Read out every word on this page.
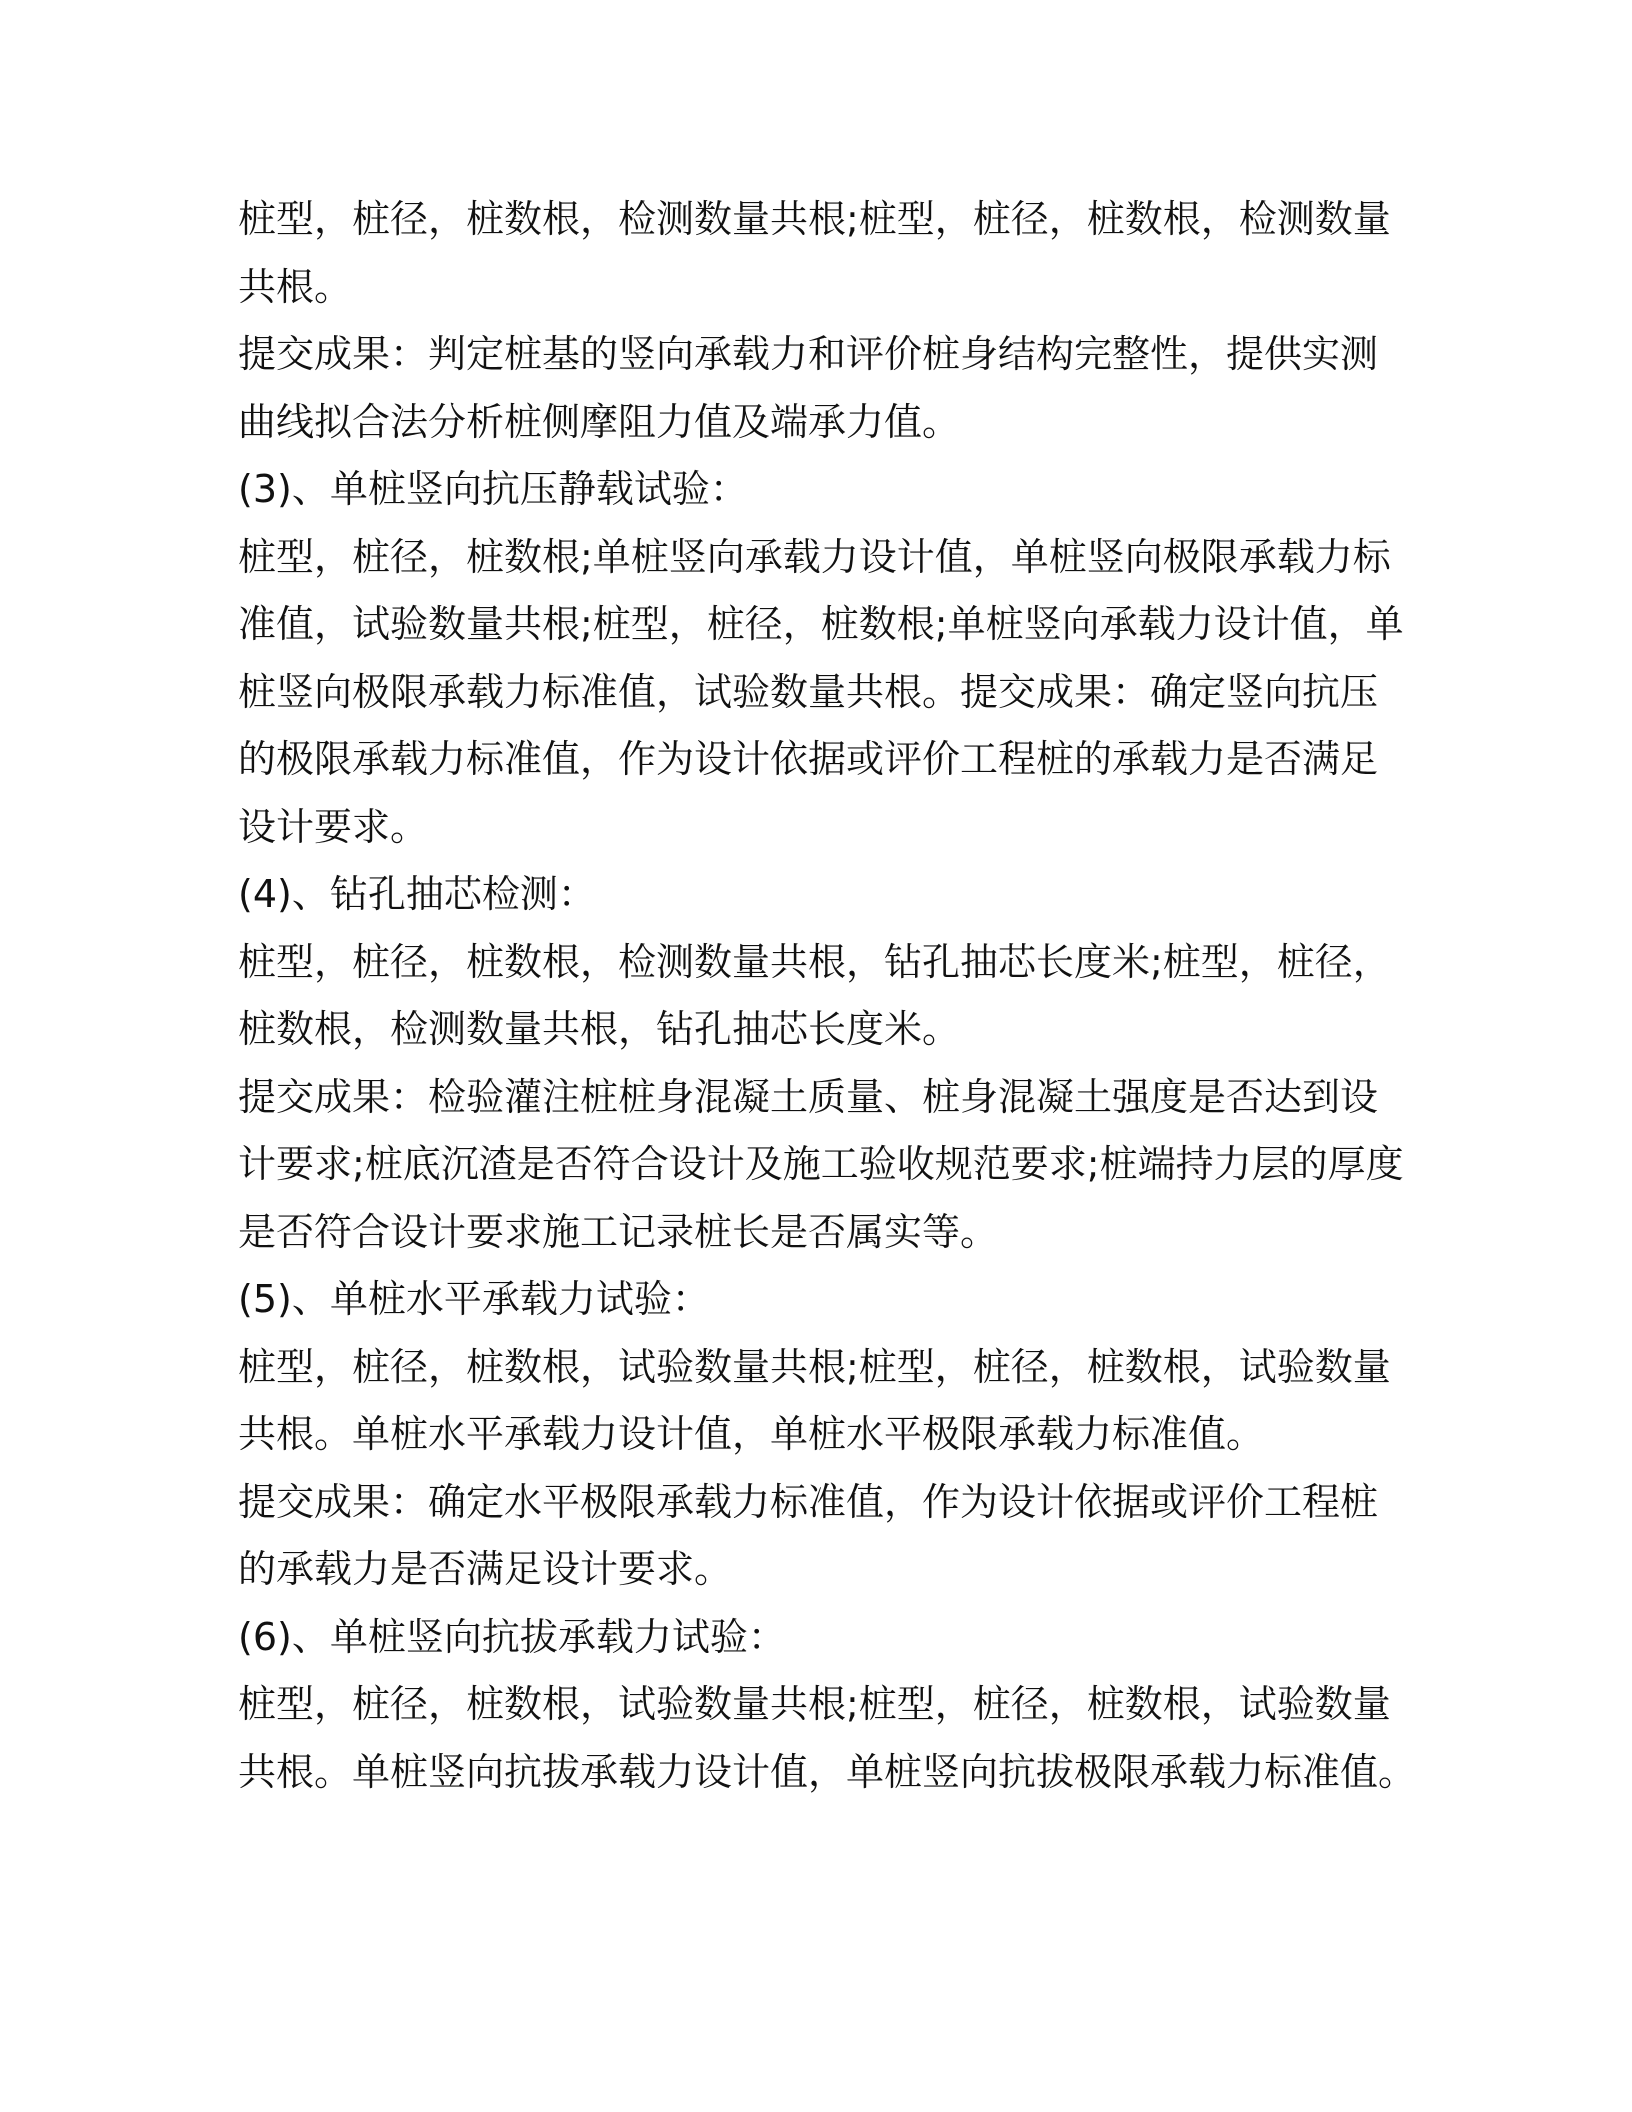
桩型，桩径，桩数根，检测数量共根;桩型，桩径，桩数根，检测数量
共根。

提交成果：判定桩基的竖向承载力和评价桩身结构完整性，提供实测
曲线拟合法分析桩侧摩阻力值及端承力值。

(3)、单桩竖向抗压静载试验：

桩型，桩径，桩数根;单桩竖向承载力设计值，单桩竖向极限承载力标
准值，试验数量共根;桩型，桩径，桩数根;单桩竖向承载力设计值，单
桩竖向极限承载力标准值，试验数量共根。提交成果：确定竖向抗压
的极限承载力标准值，作为设计依据或评价工程桩的承载力是否满足
设计要求。

(4)、钻孔抽芯检测：

桩型，桩径，桩数根，检测数量共根，钻孔抽芯长度米;桩型，桩径，
桩数根，检测数量共根，钻孔抽芯长度米。

提交成果：检验灌注桩桩身混凝土质量、桩身混凝土强度是否达到设
计要求;桩底沉渣是否符合设计及施工验收规范要求;桩端持力层的厚度
是否符合设计要求施工记录桩长是否属实等。

(5)、单桩水平承载力试验：

桩型，桩径，桩数根，试验数量共根;桩型，桩径，桩数根，试验数量
共根。单桩水平承载力设计值，单桩水平极限承载力标准值。

提交成果：确定水平极限承载力标准值，作为设计依据或评价工程桩
的承载力是否满足设计要求。

(6)、单桩竖向抗拔承载力试验：

桩型，桩径，桩数根，试验数量共根;桩型，桩径，桩数根，试验数量
共根。单桩竖向抗拔承载力设计值，单桩竖向抗拔极限承载力标准值。
